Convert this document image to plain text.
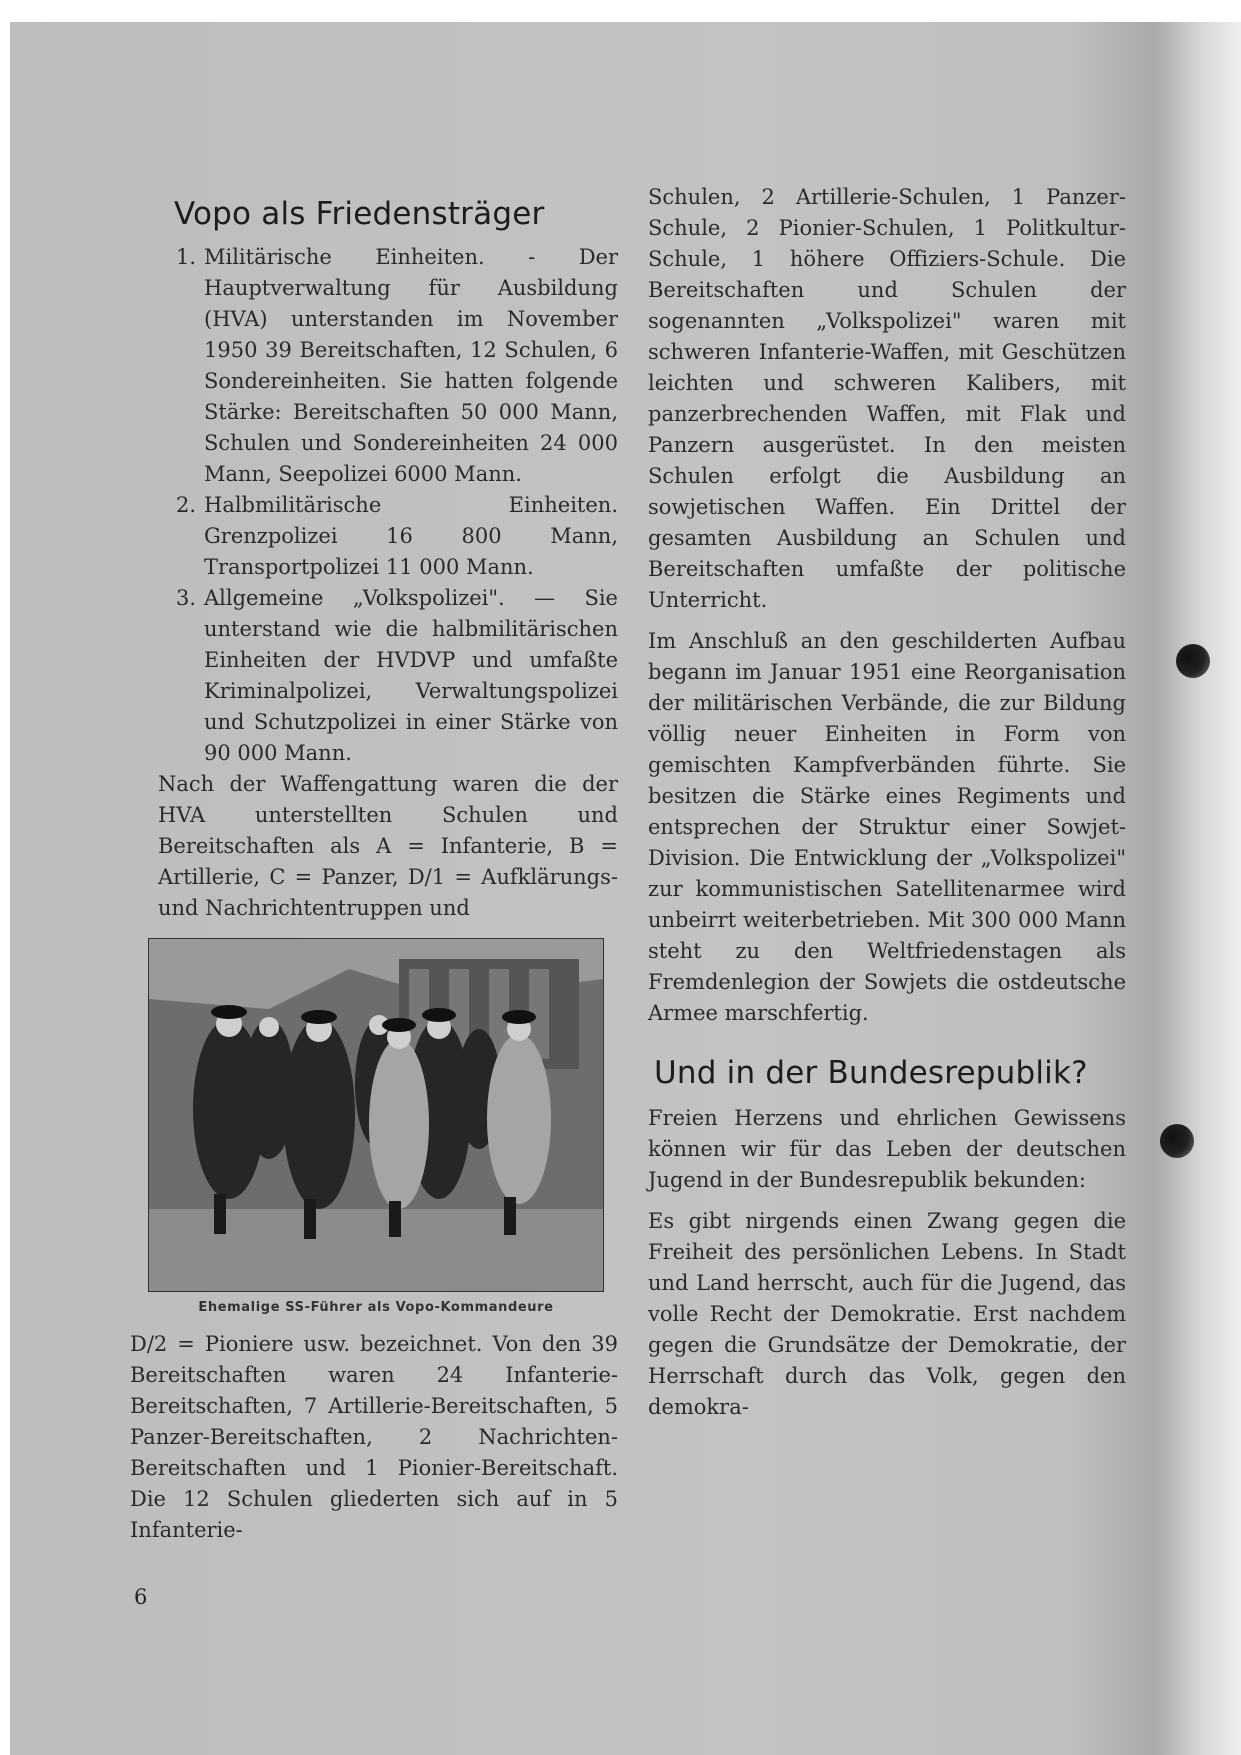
Vopo als Friedensträger
1. Militärische Einheiten. - Der Hauptverwaltung für Ausbildung (HVA) unterstanden im November 1950 39 Bereitschaften, 12 Schulen, 6 Sondereinheiten. Sie hatten folgende Stärke: Bereitschaften 50 000 Mann, Schulen und Sondereinheiten 24 000 Mann, Seepolizei 6000 Mann.
2. Halbmilitärische Einheiten. Grenzpolizei 16 800 Mann, Transportpolizei 11 000 Mann.
3. Allgemeine „Volkspolizei". — Sie unterstand wie die halbmilitärischen Einheiten der HVDVP und umfaßte Kriminalpolizei, Verwaltungspolizei und Schutzpolizei in einer Stärke von 90 000 Mann.

Nach der Waffengattung waren die der HVA unterstellten Schulen und Bereitschaften als A = Infanterie, B = Artillerie, C = Panzer, D/1 = Aufklärungs- und Nachrichtentruppen und

Ehemalige SS-Führer als Vopo-Kommandeure

D/2 = Pioniere usw. bezeichnet. Von den 39 Bereitschaften waren 24 Infanterie-Bereitschaften, 7 Artillerie-Bereitschaften, 5 Panzer-Bereitschaften, 2 Nachrichten-Bereitschaften und 1 Pionier-Bereitschaft. Die 12 Schulen gliederten sich auf in 5 Infanterie-

Schulen, 2 Artillerie-Schulen, 1 Panzer-Schule, 2 Pionier-Schulen, 1 Politkultur-Schule, 1 höhere Offiziers-Schule. Die Bereitschaften und Schulen der sogenannten „Volkspolizei" waren mit schweren Infanterie-Waffen, mit Geschützen leichten und schweren Kalibers, mit panzerbrechenden Waffen, mit Flak und Panzern ausgerüstet. In den meisten Schulen erfolgt die Ausbildung an sowjetischen Waffen. Ein Drittel der gesamten Ausbildung an Schulen und Bereitschaften umfaßte der politische Unterricht.

Im Anschluß an den geschilderten Aufbau begann im Januar 1951 eine Reorganisation der militärischen Verbände, die zur Bildung völlig neuer Einheiten in Form von gemischten Kampfverbänden führte. Sie besitzen die Stärke eines Regiments und entsprechen der Struktur einer Sowjet-Division. Die Entwicklung der „Volkspolizei" zur kommunistischen Satellitenarmee wird unbeirrt weiterbetrieben. Mit 300 000 Mann steht zu den Weltfriedenstagen als Fremdenlegion der Sowjets die ostdeutsche Armee marschfertig.

Und in der Bundesrepublik?

Freien Herzens und ehrlichen Gewissens können wir für das Leben der deutschen Jugend in der Bundesrepublik bekunden:

Es gibt nirgends einen Zwang gegen die Freiheit des persönlichen Lebens. In Stadt und Land herrscht, auch für die Jugend, das volle Recht der Demokratie. Erst nachdem gegen die Grundsätze der Demokratie, der Herrschaft durch das Volk, gegen den demokra-

6
